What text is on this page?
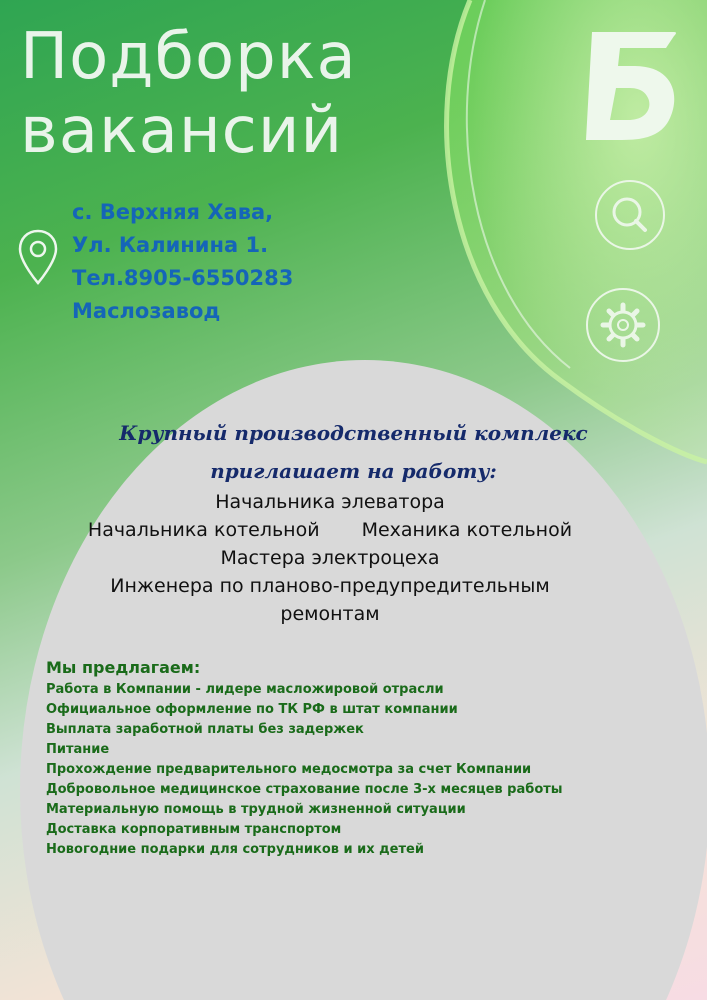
Подборка
вакансий
с. Верхняя Хава,
Ул. Калинина 1.
Тел.8905-6550283
Маслозавод
Крупный производственный комплекс
приглашает на работу:
Начальника элеватора
Начальника котельной Механика котельной
Мастера электроцеха
Инженера по планово-предупредительным
ремонтам

Мы предлагаем:

Работа в Компании - лидере масложировой отрасли
Официальное оформление по ТК РФ в штат компании
Выплата заработной платы без задержек
Питание
Прохождение предварительного медосмотра за счет Компании
Добровольное медицинское страхование после 3-х месяцев работы
Материальную помощь в трудной жизненной ситуации
Доставка корпоративным транспортом
Новогодние подарки для сотрудников и их детей
